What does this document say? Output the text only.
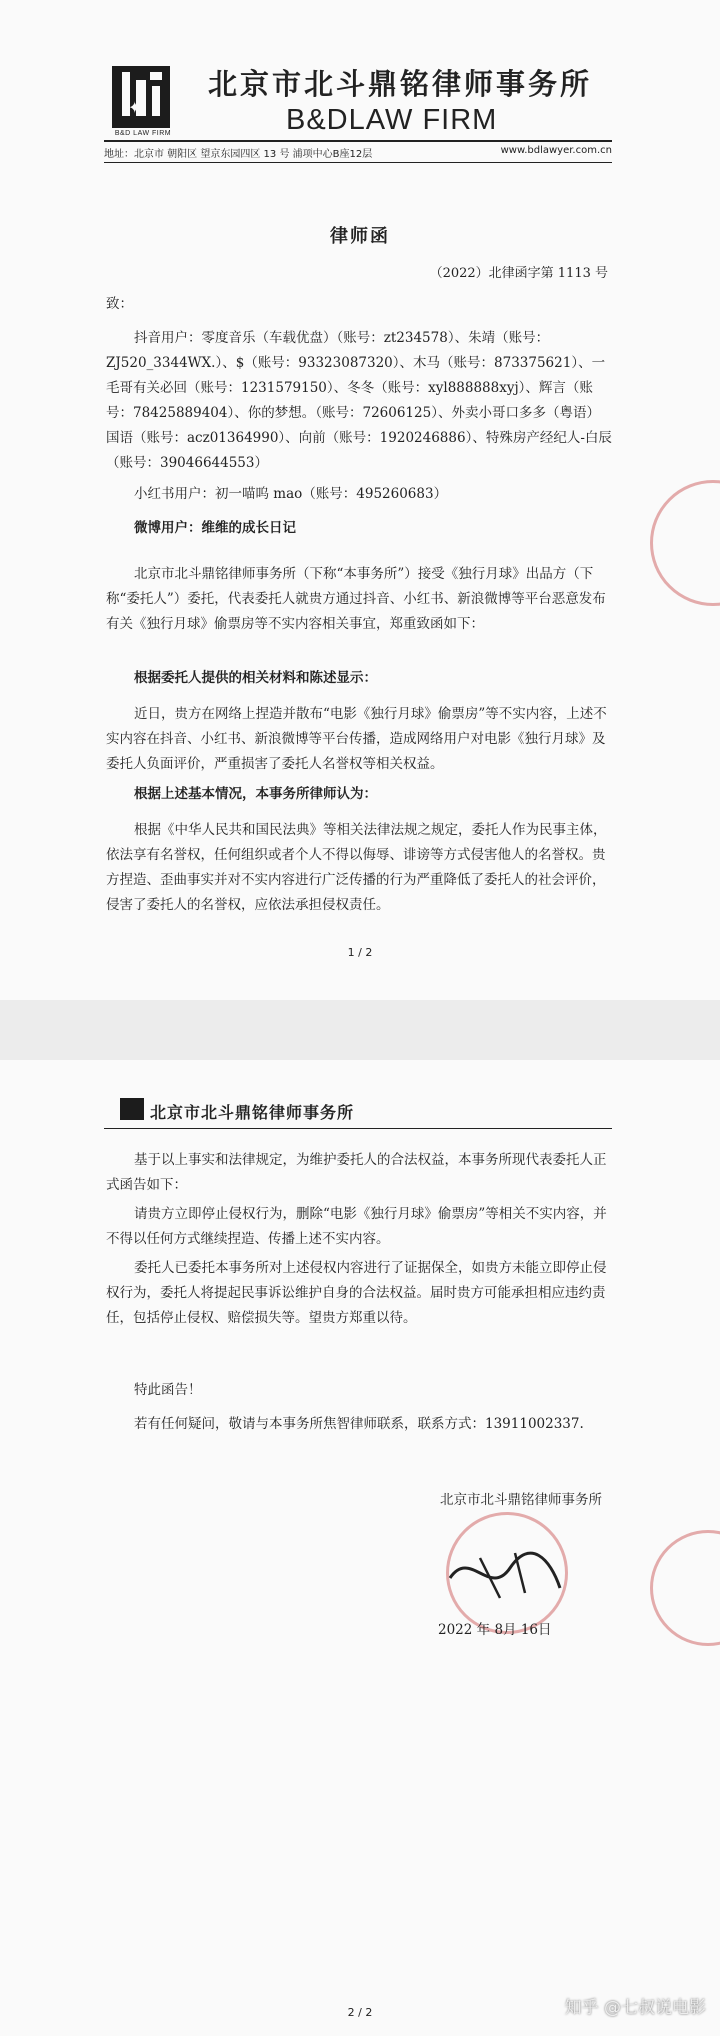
✦
B&D LAW FIRM
北京市北斗鼎铭律师事务所
B&DLAW FIRM
地址：北京市 朝阳区 望京东园四区 13 号 浦项中心B座12层	www.bdlawyer.com.cn
律师函
（2022）北律函字第 1113 号
致：
抖音用户：零度音乐（车载优盘）（账号：zt234578）、朱靖（账号：ZJ520_3344WX.）、$（账号：93323087320）、木马（账号：873375621）、一毛哥有关必回（账号：1231579150）、冬冬（账号：xyl888888xyj）、辉言（账号：78425889404）、你的梦想。（账号：72606125）、外卖小哥口多多（粤语）国语（账号：acz01364990）、向前（账号：1920246886）、特殊房产经纪人-白辰（账号：39046644553）
小红书用户：初一喵呜 mao（账号：495260683）
微博用户：维维的成长日记
北京市北斗鼎铭律师事务所（下称“本事务所”）接受《独行月球》出品方（下称“委托人”）委托，代表委托人就贵方通过抖音、小红书、新浪微博等平台恶意发布有关《独行月球》偷票房等不实内容相关事宜，郑重致函如下：
根据委托人提供的相关材料和陈述显示：
近日，贵方在网络上捏造并散布“电影《独行月球》偷票房”等不实内容，上述不实内容在抖音、小红书、新浪微博等平台传播，造成网络用户对电影《独行月球》及委托人负面评价，严重损害了委托人名誉权等相关权益。
根据上述基本情况，本事务所律师认为：
根据《中华人民共和国民法典》等相关法律法规之规定，委托人作为民事主体，依法享有名誉权，任何组织或者个人不得以侮辱、诽谤等方式侵害他人的名誉权。贵方捏造、歪曲事实并对不实内容进行广泛传播的行为严重降低了委托人的社会评价，侵害了委托人的名誉权，应依法承担侵权责任。
1 / 2
北京市北斗鼎铭律师事务所
基于以上事实和法律规定，为维护委托人的合法权益，本事务所现代表委托人正式函告如下：
请贵方立即停止侵权行为，删除“电影《独行月球》偷票房”等相关不实内容，并不得以任何方式继续捏造、传播上述不实内容。
委托人已委托本事务所对上述侵权内容进行了证据保全，如贵方未能立即停止侵权行为，委托人将提起民事诉讼维护自身的合法权益。届时贵方可能承担相应违约责任，包括停止侵权、赔偿损失等。望贵方郑重以待。
特此函告！
若有任何疑问，敬请与本事务所焦智律师联系，联系方式：13911002337.
北京市北斗鼎铭律师事务所
2022 年 8月 16日
2 / 2	知乎 @七叔说电影
